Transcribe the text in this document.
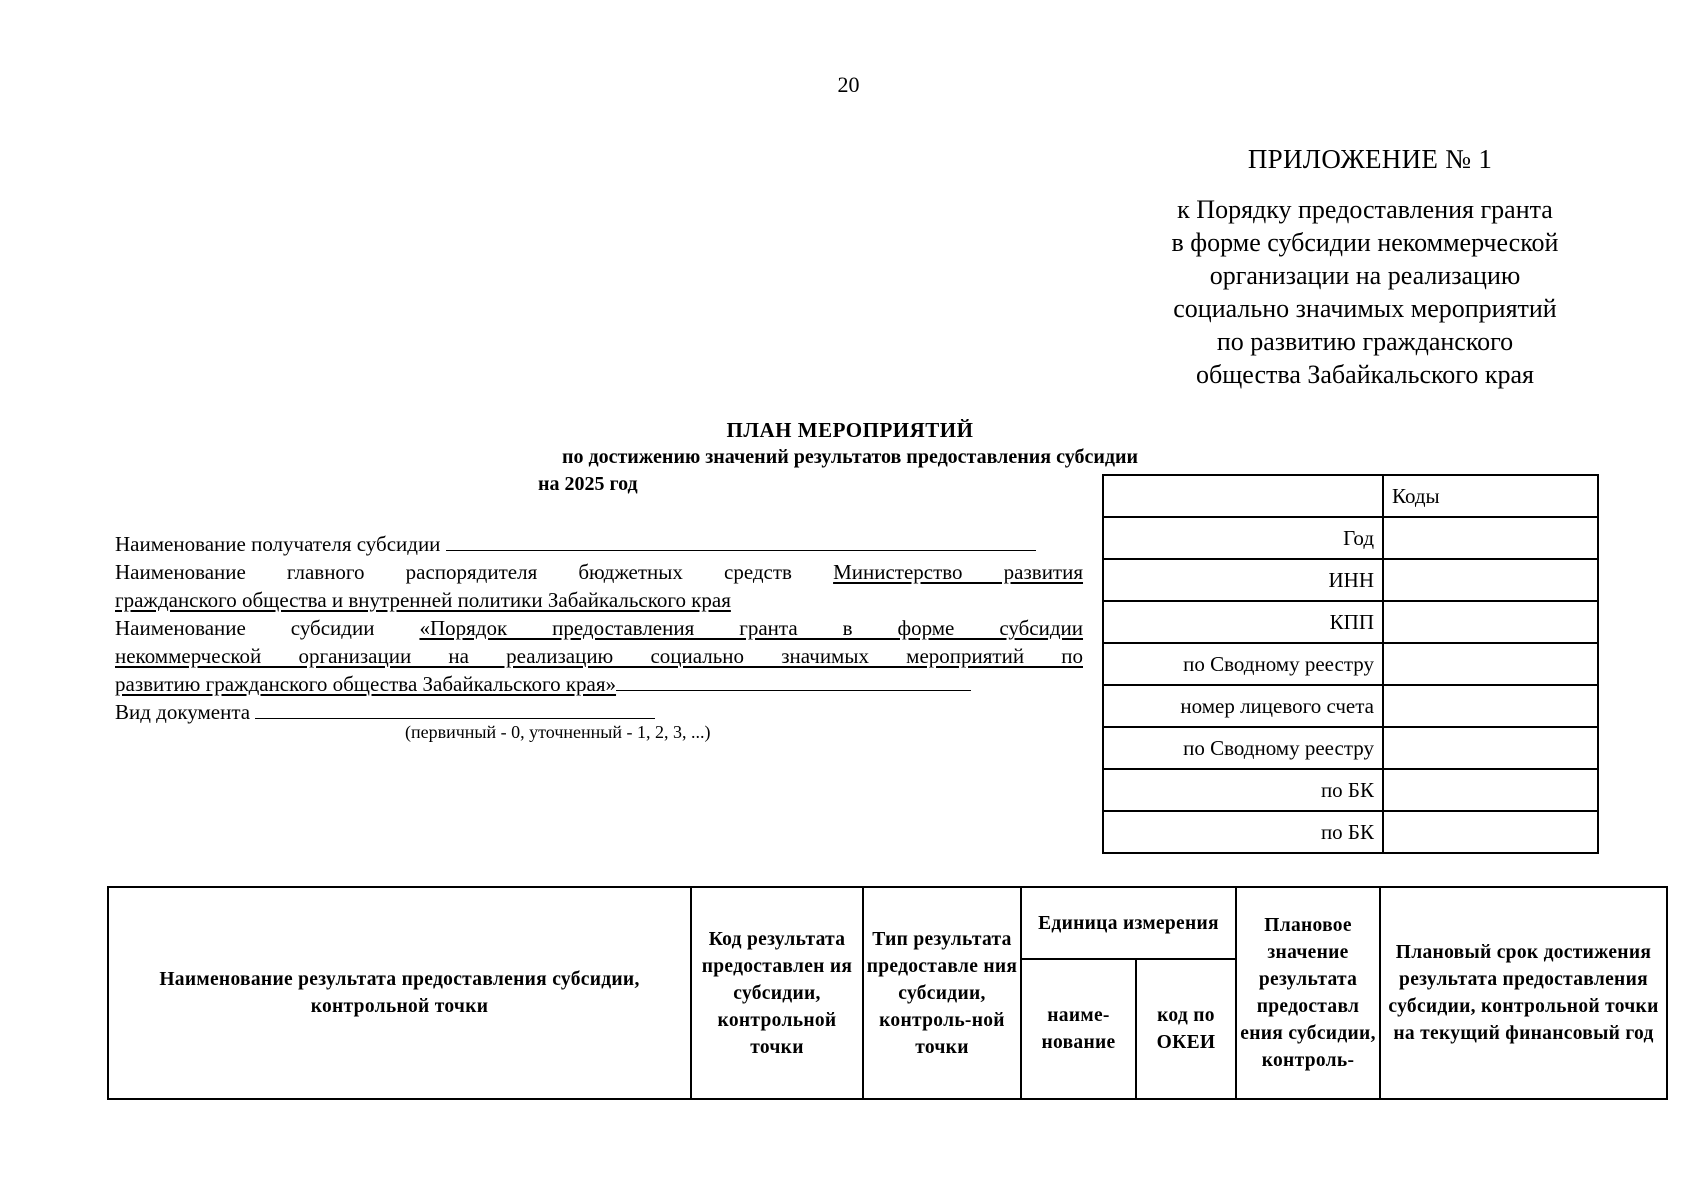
20
ПРИЛОЖЕНИЕ № 1
к Порядку предоставления гранта
в форме субсидии некоммерческой
организации на реализацию
социально значимых мероприятий
по развитию гражданского
общества Забайкальского края
ПЛАН МЕРОПРИЯТИЙ
по достижению значений результатов предоставления субсидии
на 2025 год
Наименование получателя субсидии
Наименование главного распорядителя бюджетных средств Министерство развития
гражданского общества и внутренней политики Забайкальского края
Наименование субсидии «Порядок предоставления гранта в форме субсидии
некоммерческой организации на реализацию социально значимых мероприятий по
развитию гражданского общества Забайкальского края»
Вид документа
(первичный - 0, уточненный - 1, 2, 3, ...)
	Коды
Год	
ИНН	
КПП	
по Сводному реестру	
номер лицевого счета	
по Сводному реестру	
по БК	
по БК	
Наименование результата предоставления субсидии, контрольной точки	Код результата предоставлен ия субсидии, контрольной точки	Тип результата предоставле ния субсидии, контроль-ной точки	Единица измерения		Плановое значение результата предоставл ения субсидии, контроль-	Плановый срок достижения результата предоставления субсидии, контрольной точки на текущий финансовый год
			наиме-нование	код по ОКЕИ		
